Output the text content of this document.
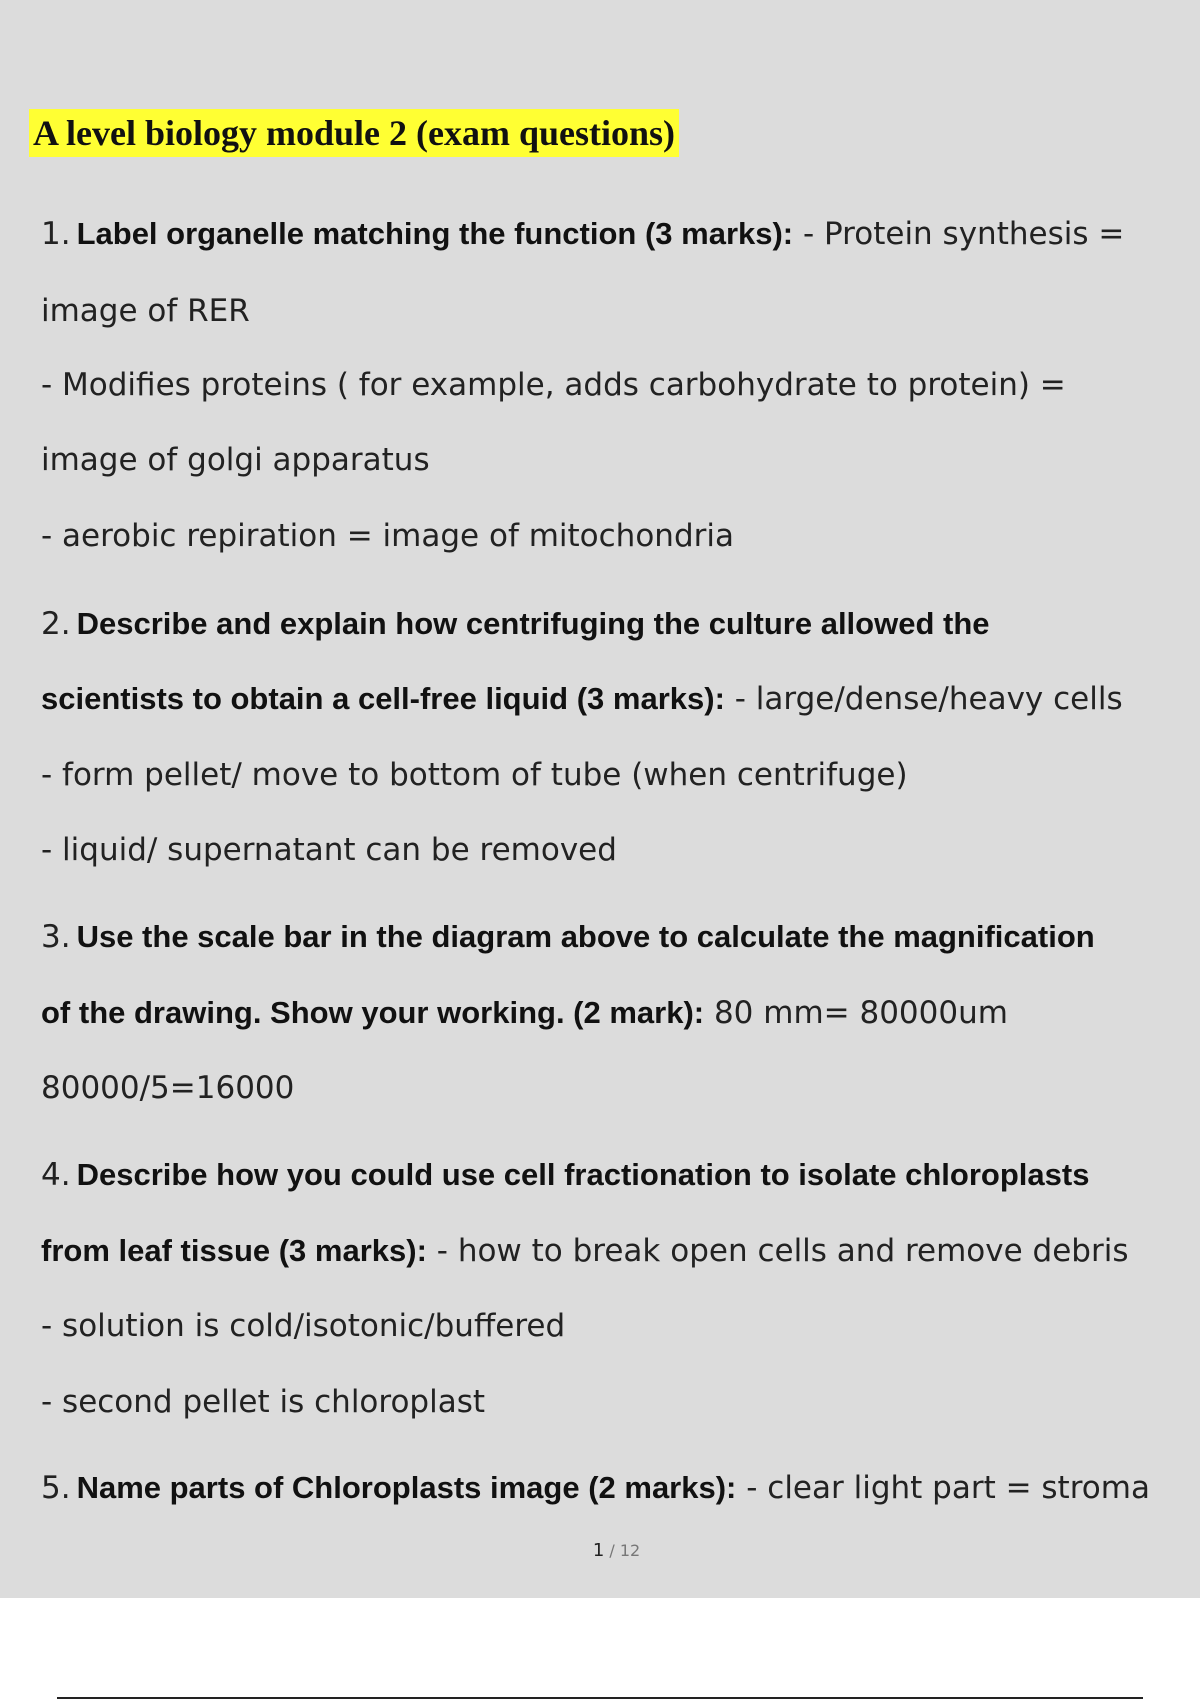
A level biology module 2 (exam questions)
1. Label organelle matching the function (3 marks): - Protein synthesis =
image of RER
- Modifies proteins ( for example, adds carbohydrate to protein) =
image of golgi apparatus
- aerobic repiration = image of mitochondria
2. Describe and explain how centrifuging the culture allowed the
scientists to obtain a cell-free liquid (3 marks): - large/dense/heavy cells
- form pellet/ move to bottom of tube (when centrifuge)
- liquid/ supernatant can be removed
3. Use the scale bar in the diagram above to calculate the magnification
of the drawing. Show your working. (2 mark): 80 mm= 80000um
80000/5=16000
4. Describe how you could use cell fractionation to isolate chloroplasts
from leaf tissue (3 marks): - how to break open cells and remove debris
- solution is cold/isotonic/buffered
- second pellet is chloroplast
5. Name parts of Chloroplasts image (2 marks): - clear light part = stroma
1 / 12
